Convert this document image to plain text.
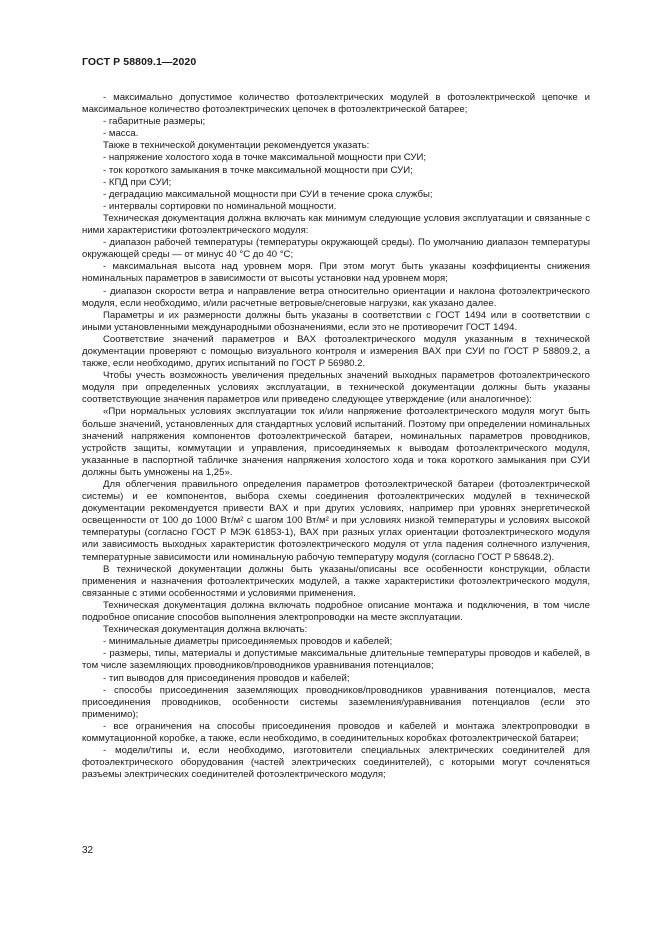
ГОСТ Р 58809.1—2020

- максимально допустимое количество фотоэлектрических модулей в фотоэлектрической цепочке и максимальное количество фотоэлектрических цепочек в фотоэлектрической батарее;

- габаритные размеры;

- масса.

Также в технической документации рекомендуется указать:

- напряжение холостого хода в точке максимальной мощности при СУИ;

- ток короткого замыкания в точке максимальной мощности при СУИ;

- КПД при СУИ;

- деградацию максимальной мощности при СУИ в течение срока службы;

- интервалы сортировки по номинальной мощности.

Техническая документация должна включать как минимум следующие условия эксплуатации и связанные с ними характеристики фотоэлектрического модуля:

- диапазон рабочей температуры (температуры окружающей среды). По умолчанию диапазон температуры окружающей среды — от минус 40 °C до 40 °C;

- максимальная высота над уровнем моря. При этом могут быть указаны коэффициенты снижения номинальных параметров в зависимости от высоты установки над уровнем моря;

- диапазон скорости ветра и направление ветра относительно ориентации и наклона фотоэлектрического модуля, если необходимо, и/или расчетные ветровые/снеговые нагрузки, как указано далее.

Параметры и их размерности должны быть указаны в соответствии с ГОСТ 1494 или в соответствии с иными установленными международными обозначениями, если это не противоречит ГОСТ 1494.

Соответствие значений параметров и ВАХ фотоэлектрического модуля указанным в технической документации проверяют с помощью визуального контроля и измерения ВАХ при СУИ по ГОСТ Р 58809.2, а также, если необходимо, других испытаний по ГОСТ Р 56980.2.

Чтобы учесть возможность увеличения предельных значений выходных параметров фотоэлектрического модуля при определенных условиях эксплуатации, в технической документации должны быть указаны соответствующие значения параметров или приведено следующее утверждение (или аналогичное):

«При нормальных условиях эксплуатации ток и/или напряжение фотоэлектрического модуля могут быть больше значений, установленных для стандартных условий испытаний. Поэтому при определении номинальных значений напряжения компонентов фотоэлектрической батареи, номинальных параметров проводников, устройств защиты, коммутации и управления, присоединяемых к выводам фотоэлектрического модуля, указанные в паспортной табличке значения напряжения холостого хода и тока короткого замыкания при СУИ должны быть умножены на 1,25».

Для облегчения правильного определения параметров фотоэлектрической батареи (фотоэлектрической системы) и ее компонентов, выбора схемы соединения фотоэлектрических модулей в технической документации рекомендуется привести ВАХ и при других условиях, например при уровнях энергетической освещенности от 100 до 1000 Вт/м² с шагом 100 Вт/м² и при условиях низкой температуры и условиях высокой температуры (согласно ГОСТ Р МЭК 61853-1), ВАХ при разных углах ориентации фотоэлектрического модуля или зависимость выходных характеристик фотоэлектрического модуля от угла падения солнечного излучения, температурные зависимости или номинальную рабочую температуру модуля (согласно ГОСТ Р 58648.2).

В технической документации должны быть указаны/описаны все особенности конструкции, области применения и назначения фотоэлектрических модулей, а также характеристики фотоэлектрического модуля, связанные с этими особенностями и условиями применения.

Техническая документация должна включать подробное описание монтажа и подключения, в том числе подробное описание способов выполнения электропроводки на месте эксплуатации.

Техническая документация должна включать:

- минимальные диаметры присоединяемых проводов и кабелей;

- размеры, типы, материалы и допустимые максимальные длительные температуры проводов и кабелей, в том числе заземляющих проводников/проводников уравнивания потенциалов;

- тип выводов для присоединения проводов и кабелей;

- способы присоединения заземляющих проводников/проводников уравнивания потенциалов, места присоединения проводников, особенности системы заземления/уравнивания потенциалов (если это применимо);

- все ограничения на способы присоединения проводов и кабелей и монтажа электропроводки в коммутационной коробке, а также, если необходимо, в соединительных коробках фотоэлектрической батареи;

- модели/типы и, если необходимо, изготовители специальных электрических соединителей для фотоэлектрического оборудования (частей электрических соединителей), с которыми могут сочленяться разъемы электрических соединителей фотоэлектрического модуля;

32
